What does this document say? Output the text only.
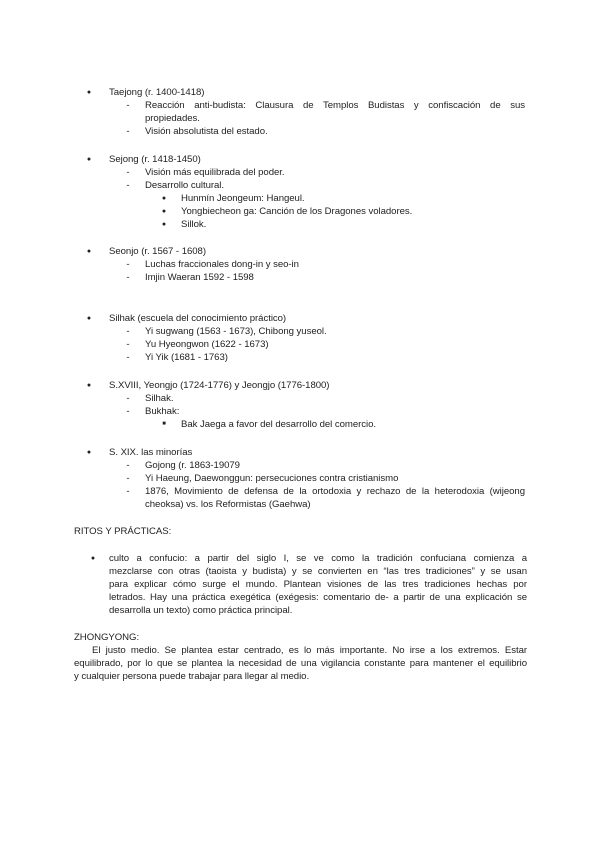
●	Taejong (r. 1400-1418)
- Reacción anti-budista: Clausura de Templos Budistas y confiscación de sus
propiedades.
- Visión absolutista del estado.
●	Sejong (r. 1418-1450)
- Visión más equilibrada del poder.
- Desarrollo cultural.
●	Hunmín Jeongeum: Hangeul.
●	Yongbiecheon ga: Canción de los Dragones voladores.
●	Sillok.
●	Seonjo (r. 1567 - 1608)
- Luchas fraccionales dong-in y seo-in
- Imjin Waeran 1592 - 1598
●	Silhak (escuela del conocimiento práctico)
- Yi sugwang (1563 - 1673), Chibong yuseol.
- Yu Hyeongwon (1622 - 1673)
- Yi Yik (1681 - 1763)
●	S.XVIII, Yeongjo (1724-1776) y Jeongjo (1776-1800)
- Silhak.
- Bukhak:
■	Bak Jaega a favor del desarrollo del comercio.
●	S. XIX. las minorías
- Gojong (r. 1863-19079
- Yi Haeung, Daewonggun: persecuciones contra cristianismo
- 1876, Movimiento de defensa de la ortodoxia y rechazo de la heterodoxia (wijeong
cheoksa) vs. los Reformistas (Gaehwa)
RITOS Y PRÁCTICAS:
●	culto a confucio: a partir del siglo I, se ve como la tradición confuciana comienza a
mezclarse con otras (taoista y budista) y se convierten en “las tres tradiciones” y se usan
para explicar cómo surge el mundo. Plantean visiones de las tres tradiciones hechas por
letrados. Hay una práctica exegética (exégesis: comentario de- a partir de una explicación se
desarrolla un texto) como práctica principal.
ZHONGYONG:
El justo medio. Se plantea estar centrado, es lo más importante. No irse a los extremos. Estar
equilibrado, por lo que se plantea la necesidad de una vigilancia constante para mantener el equilibrio
y cualquier persona puede trabajar para llegar al medio.
